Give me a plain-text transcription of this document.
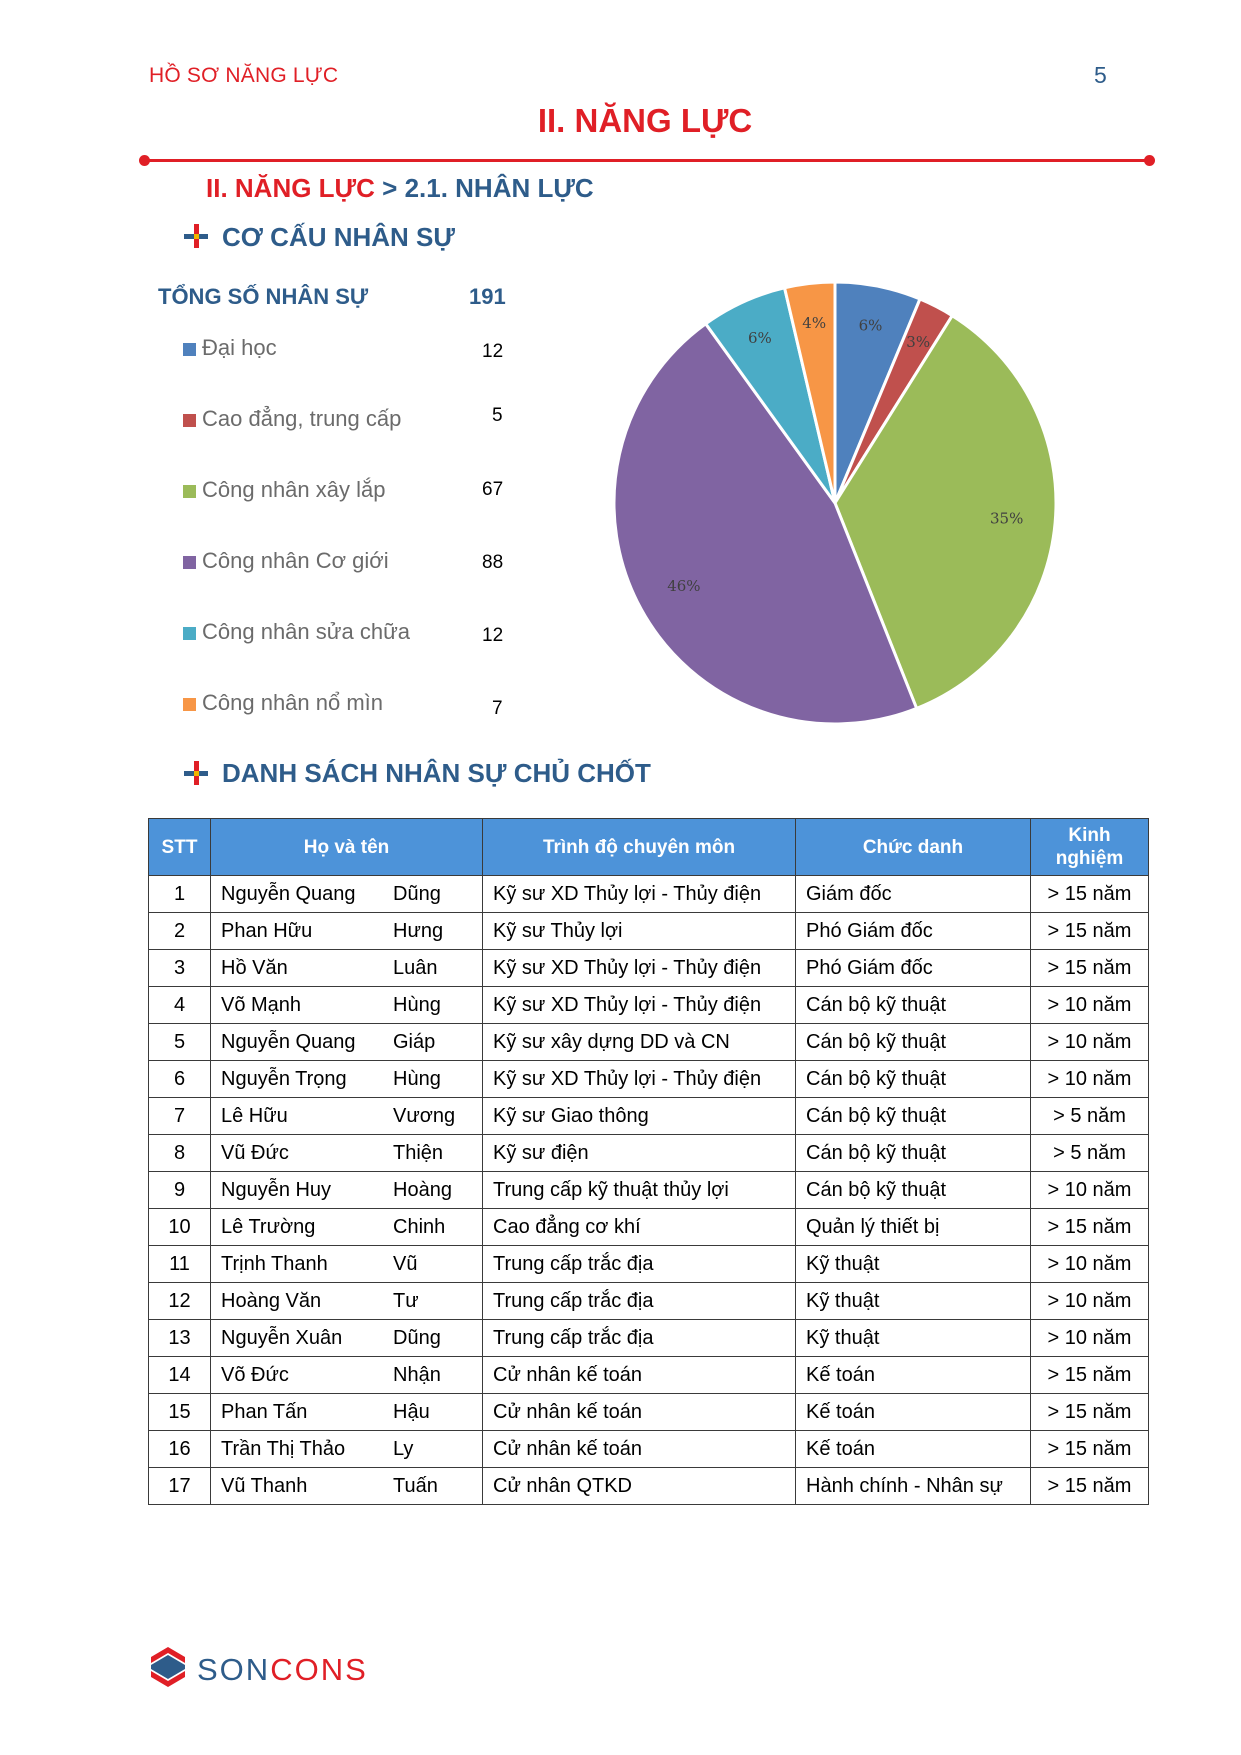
HỒ SƠ NĂNG LỰC	5
II. NĂNG LỰC
II. NĂNG LỰC > 2.1. NHÂN LỰC
CƠ CẤU NHÂN SỰ
TỔNG SỐ NHÂN SỰ	191
Đại học	12
Cao đẳng, trung cấp	5
Công nhân xây lắp	67
Công nhân Cơ giới	88
Công nhân sửa chữa	12
Công nhân nổ mìn	7
6%
3%
35%
46%
6%
4%
DANH SÁCH NHÂN SỰ CHỦ CHỐT
STT	Họ và tên	Trình độ chuyên môn	Chức danh	Kinh
nghiệm
1	Nguyễn Quang Dũng	Kỹ sư XD Thủy lợi - Thủy điện	Giám đốc	> 15 năm
2	Phan Hữu Hưng	Kỹ sư Thủy lợi	Phó Giám đốc	> 15 năm
3	Hồ Văn Luân	Kỹ sư XD Thủy lợi - Thủy điện	Phó Giám đốc	> 15 năm
4	Võ Mạnh Hùng	Kỹ sư XD Thủy lợi - Thủy điện	Cán bộ kỹ thuật	> 10 năm
5	Nguyễn Quang Giáp	Kỹ sư xây dựng DD và CN	Cán bộ kỹ thuật	> 10 năm
6	Nguyễn Trọng Hùng	Kỹ sư XD Thủy lợi - Thủy điện	Cán bộ kỹ thuật	> 10 năm
7	Lê Hữu Vương	Kỹ sư Giao thông	Cán bộ kỹ thuật	> 5 năm
8	Vũ Đức Thiện	Kỹ sư điện	Cán bộ kỹ thuật	> 5 năm
9	Nguyễn Huy Hoàng	Trung cấp kỹ thuật thủy lợi	Cán bộ kỹ thuật	> 10 năm
10	Lê Trường Chinh	Cao đẳng cơ khí	Quản lý thiết bị	> 15 năm
11	Trịnh Thanh Vũ	Trung cấp trắc địa	Kỹ thuật	> 10 năm
12	Hoàng Văn Tư	Trung cấp trắc địa	Kỹ thuật	> 10 năm
13	Nguyễn Xuân Dũng	Trung cấp trắc địa	Kỹ thuật	> 10 năm
14	Võ Đức Nhận	Cử nhân kế toán	Kế toán	> 15 năm
15	Phan Tấn Hậu	Cử nhân kế toán	Kế toán	> 15 năm
16	Trần Thị Thảo Ly	Cử nhân kế toán	Kế toán	> 15 năm
17	Vũ Thanh Tuấn	Cử nhân QTKD	Hành chính - Nhân sự	> 15 năm
SONCONS
